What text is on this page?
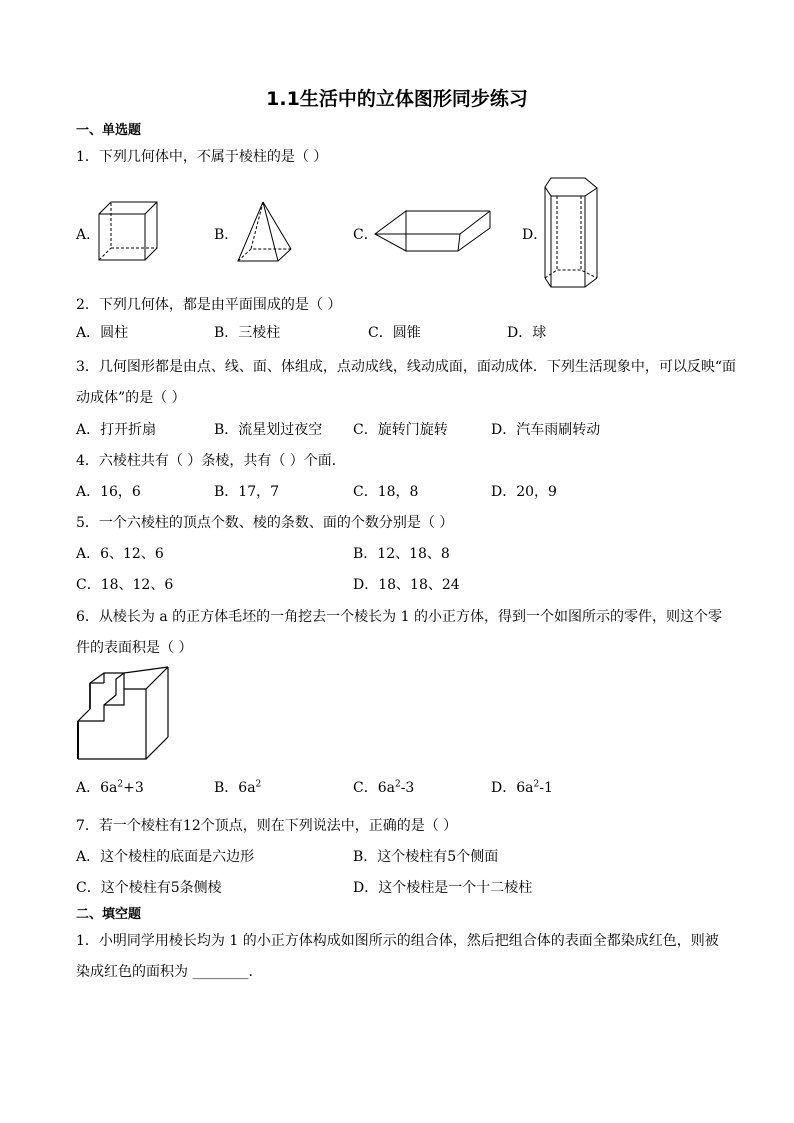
1.1生活中的立体图形同步练习
一、单选题
1．下列几何体中，不属于棱柱的是（ ）
A．	B．	C．	D．
2．下列几何体，都是由平面围成的是（ ）
A．圆柱	B．三棱柱	C．圆锥	D．球
3．几何图形都是由点、线、面、体组成，点动成线，线动成面，面动成体．下列生活现象中，可以反映“面
动成体”的是（ ）
A．打开折扇	B．流星划过夜空 C．旋转门旋转	D．汽车雨刷转动
4．六棱柱共有（ ）条棱，共有（ ）个面．
A．16，6	B．17，7	C．18，8	D．20，9
5．一个六棱柱的顶点个数、棱的条数、面的个数分别是（ ）
A．6、12、6	B．12、18、8
C．18、12、6	D．18、18、24
6．从棱长为 a 的正方体毛坯的一角挖去一个棱长为 1 的小正方体，得到一个如图所示的零件，则这个零
件的表面积是（ ）
A．$6a^2+3$	B．$6a^2$	C．$6a^2-3$	D．$6a^2-1$
7．若一个棱柱有12个顶点，则在下列说法中，正确的是（ ）
A．这个棱柱的底面是六边形	B．这个棱柱有5个侧面
C．这个棱柱有5条侧棱	D．这个棱柱是一个十二棱柱
二、填空题
1．小明同学用棱长均为 1 的小正方体构成如图所示的组合体，然后把组合体的表面全都染成红色，则被
染成红色的面积为 ________.
